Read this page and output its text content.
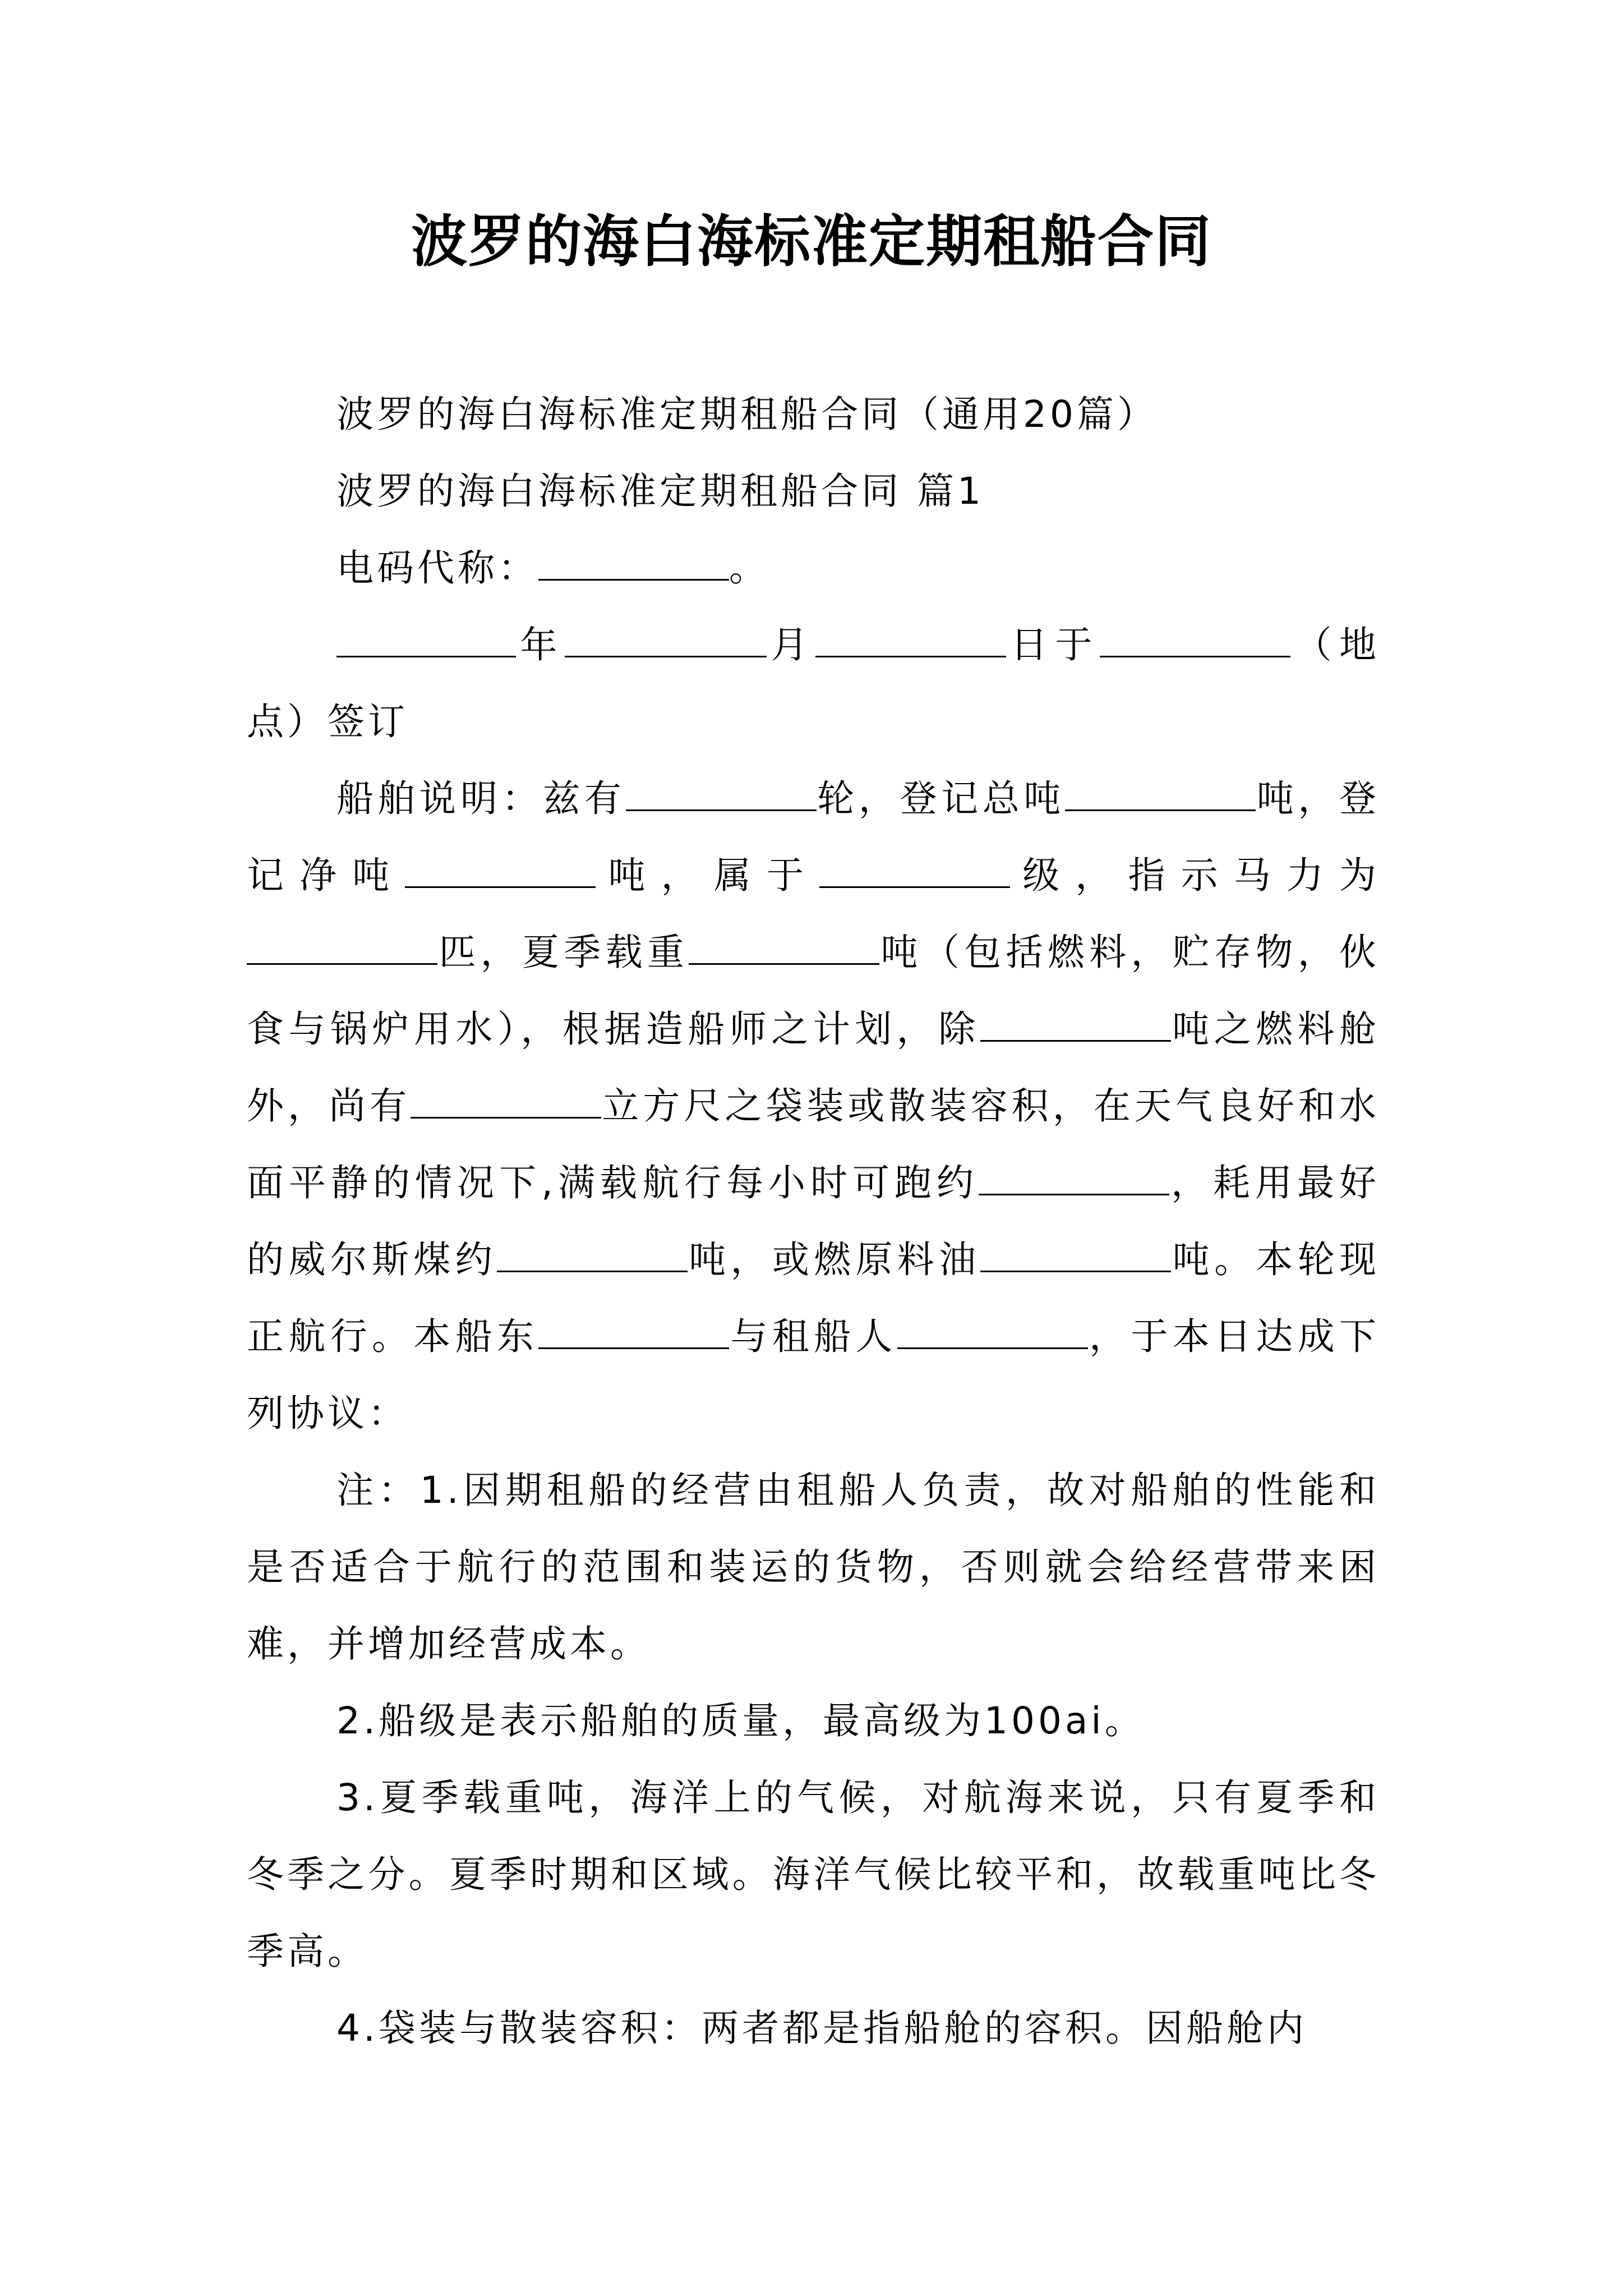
波罗的海白海标准定期租船合同

波罗的海白海标准定期租船合同（通用20篇）

波罗的海白海标准定期租船合同 篇1

电码代称：	。

年	月	日于	（地点）签订

船舶说明：兹有	轮，登记总吨	吨，登记净吨	吨，属于	级，指示马力为匹，夏季载重	吨（包括燃料，贮存物，伙食与锅炉用水），根据造船师之计划，除	吨之燃料舱外，尚有	立方尺之袋装或散装容积，在天气良好和水面平静的情况下,满载航行每小时可跑约	，耗用最好的威尔斯煤约	吨，或燃原料油	吨。本轮现正航行。本船东	与租船人	，于本日达成下列协议：

注：1.因期租船的经营由租船人负责，故对船舶的性能和是否适合于航行的范围和装运的货物，否则就会给经营带来困难，并增加经营成本。

2.船级是表示船舶的质量，最高级为100ai。

3.夏季载重吨，海洋上的气候，对航海来说，只有夏季和冬季之分。夏季时期和区域。海洋气候比较平和，故载重吨比冬季高。

4.袋装与散装容积：两者都是指船舱的容积。因船舱内
